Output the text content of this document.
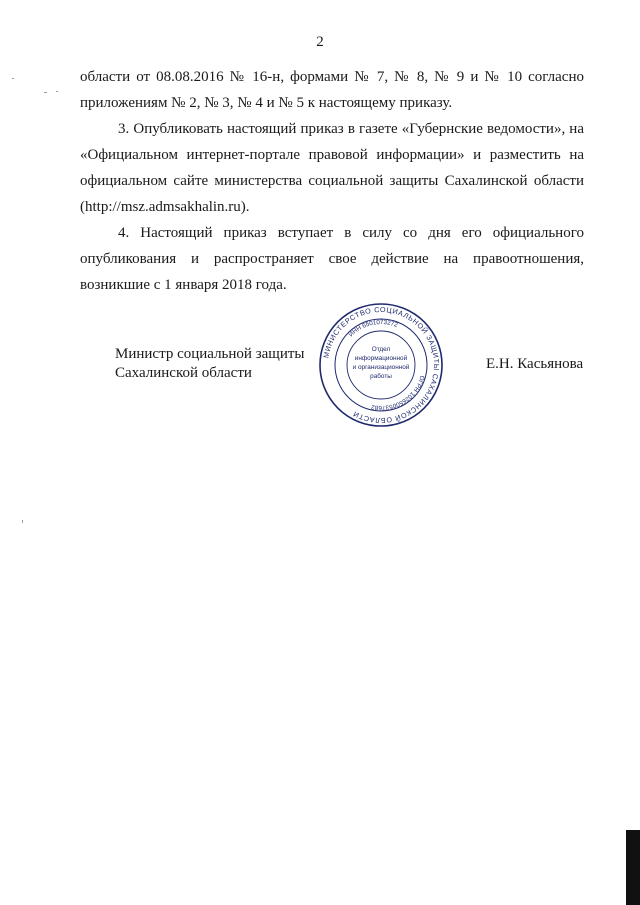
2

области от 08.08.2016 № 16-н, формами № 7, № 8, № 9 и № 10 согласно
приложениям № 2, № 3, № 4 и № 5 к настоящему приказу.

3. Опубликовать настоящий приказ в газете «Губернские ведомости», на
«Официальном интернет-портале правовой информации» и разместить на
официальном сайте министерства социальной защиты Сахалинской области
(http://msz.admsakhalin.ru).

4. Настоящий приказ вступает в силу со дня его официального
опубликования и распространяет свое действие на правоотношения,
возникшие с 1 января 2018 года.

Министр социальной защиты
Сахалинской области
Е.Н. Касьянова
МИНИСТЕРСТВО СОЦИАЛЬНОЙ ЗАЩИТЫ САХАЛИНСКОЙ ОБЛАСТИ
ОГРН 1026500537682
ИНН 6501073272
Отдел
информационной
и организационной
работы
